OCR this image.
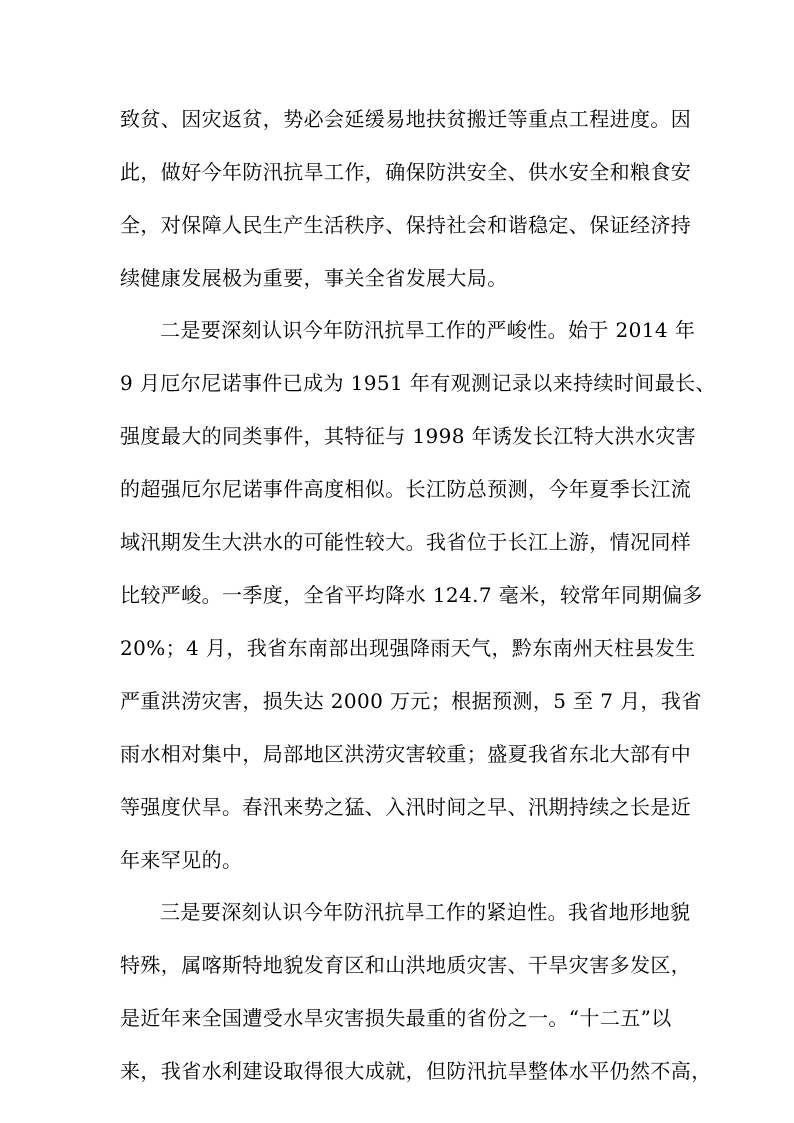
致贫、因灾返贫，势必会延缓易地扶贫搬迁等重点工程进度。因
此，做好今年防汛抗旱工作，确保防洪安全、供水安全和粮食安
全，对保障人民生产生活秩序、保持社会和谐稳定、保证经济持
续健康发展极为重要，事关全省发展大局。
二是要深刻认识今年防汛抗旱工作的严峻性。始于 2014 年
9 月厄尔尼诺事件已成为 1951 年有观测记录以来持续时间最长、
强度最大的同类事件，其特征与 1998 年诱发长江特大洪水灾害
的超强厄尔尼诺事件高度相似。长江防总预测，今年夏季长江流
域汛期发生大洪水的可能性较大。我省位于长江上游，情况同样
比较严峻。一季度，全省平均降水 124.7 毫米，较常年同期偏多
20%；4 月，我省东南部出现强降雨天气，黔东南州天柱县发生
严重洪涝灾害，损失达 2000 万元；根据预测，5 至 7 月，我省
雨水相对集中，局部地区洪涝灾害较重；盛夏我省东北大部有中
等强度伏旱。春汛来势之猛、入汛时间之早、汛期持续之长是近
年来罕见的。
三是要深刻认识今年防汛抗旱工作的紧迫性。我省地形地貌
特殊，属喀斯特地貌发育区和山洪地质灾害、干旱灾害多发区，
是近年来全国遭受水旱灾害损失最重的省份之一。“十二五”以
来，我省水利建设取得很大成就，但防汛抗旱整体水平仍然不高，
